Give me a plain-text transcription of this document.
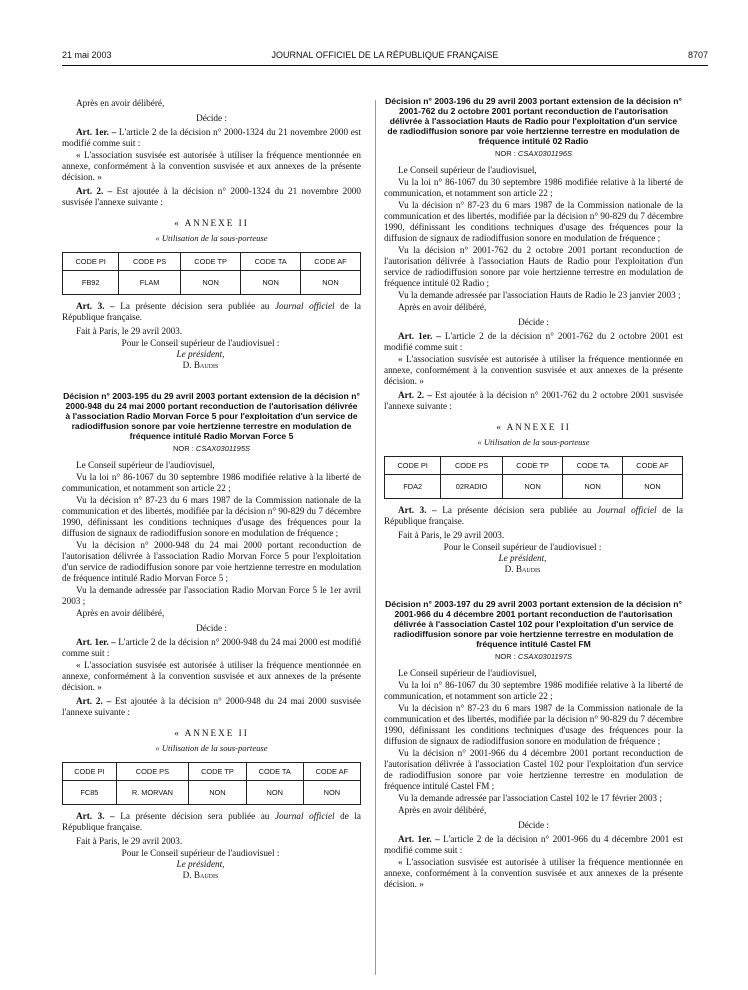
21 mai 2003	JOURNAL OFFICIEL DE LA RÉPUBLIQUE FRANÇAISE	8707

Après en avoir délibéré,

Décide :

Art. 1er. – L'article 2 de la décision n° 2000-1324 du 21 novembre 2000 est modifié comme suit :

« L'association susvisée est autorisée à utiliser la fréquence mentionnée en annexe, conformément à la convention susvisée et aux annexes de la présente décision. »

Art. 2. – Est ajoutée à la décision n° 2000-1324 du 21 novembre 2000 susvisée l'annexe suivante :

« ANNEXE II

« Utilisation de la sous-porteuse

CODE PI	CODE PS	CODE TP	CODE TA	CODE AF
FB92	FLAM	NON	NON	NON

Art. 3. – La présente décision sera publiée au Journal officiel de la République française.

Fait à Paris, le 29 avril 2003.

Pour le Conseil supérieur de l'audiovisuel :
Le président,
D. Baudis

Décision n° 2003-195 du 29 avril 2003 portant extension de la décision n° 2000-948 du 24 mai 2000 portant reconduction de l'autorisation délivrée à l'association Radio Morvan Force 5 pour l'exploitation d'un service de radiodiffusion sonore par voie hertzienne terrestre en modulation de fréquence intitulé Radio Morvan Force 5

NOR : CSAX0301195S

Le Conseil supérieur de l'audiovisuel,

Vu la loi n° 86-1067 du 30 septembre 1986 modifiée relative à la liberté de communication, et notamment son article 22 ;

Vu la décision n° 87-23 du 6 mars 1987 de la Commission nationale de la communication et des libertés, modifiée par la décision n° 90-829 du 7 décembre 1990, définissant les conditions techniques d'usage des fréquences pour la diffusion de signaux de radiodiffusion sonore en modulation de fréquence ;

Vu la décision n° 2000-948 du 24 mai 2000 portant reconduction de l'autorisation délivrée à l'association Radio Morvan Force 5 pour l'exploitation d'un service de radiodiffusion sonore par voie hertzienne terrestre en modulation de fréquence intitulé Radio Morvan Force 5 ;

Vu la demande adressée par l'association Radio Morvan Force 5 le 1er avril 2003 ;

Après en avoir délibéré,

Décide :

Art. 1er. – L'article 2 de la décision n° 2000-948 du 24 mai 2000 est modifié comme suit :

« L'association susvisée est autorisée à utiliser la fréquence mentionnée en annexe, conformément à la convention susvisée et aux annexes de la présente décision. »

Art. 2. – Est ajoutée à la décision n° 2000-948 du 24 mai 2000 susvisée l'annexe suivante :

« ANNEXE II

« Utilisation de la sous-porteuse

CODE PI	CODE PS	CODE TP	CODE TA	CODE AF
FC85	R. MORVAN	NON	NON	NON

Art. 3. – La présente décision sera publiée au Journal officiel de la République française.

Fait à Paris, le 29 avril 2003.

Pour le Conseil supérieur de l'audiovisuel :
Le président,
D. Baudis

Décision n° 2003-196 du 29 avril 2003 portant extension de la décision n° 2001-762 du 2 octobre 2001 portant reconduction de l'autorisation délivrée à l'association Hauts de Radio pour l'exploitation d'un service de radiodiffusion sonore par voie hertzienne terrestre en modulation de fréquence intitulé 02 Radio

NOR : CSAX0301196S

Le Conseil supérieur de l'audiovisuel,

Vu la loi n° 86-1067 du 30 septembre 1986 modifiée relative à la liberté de communication, et notamment son article 22 ;

Vu la décision n° 87-23 du 6 mars 1987 de la Commission nationale de la communication et des libertés, modifiée par la décision n° 90-829 du 7 décembre 1990, définissant les conditions techniques d'usage des fréquences pour la diffusion de signaux de radiodiffusion sonore en modulation de fréquence ;

Vu la décision n° 2001-762 du 2 octobre 2001 portant reconduction de l'autorisation délivrée à l'association Hauts de Radio pour l'exploitation d'un service de radiodiffusion sonore par voie hertzienne terrestre en modulation de fréquence intitulé 02 Radio ;

Vu la demande adressée par l'association Hauts de Radio le 23 janvier 2003 ;

Après en avoir délibéré,

Décide :

Art. 1er. – L'article 2 de la décision n° 2001-762 du 2 octobre 2001 est modifié comme suit :

« L'association susvisée est autorisée à utiliser la fréquence mentionnée en annexe, conformément à la convention susvisée et aux annexes de la présente décision. »

Art. 2. – Est ajoutée à la décision n° 2001-762 du 2 octobre 2001 susvisée l'annexe suivante :

« ANNEXE II

« Utilisation de la sous-porteuse

CODE PI	CODE PS	CODE TP	CODE TA	CODE AF
FDA2	02RADIO	NON	NON	NON

Art. 3. – La présente décision sera publiée au Journal officiel de la République française.

Fait à Paris, le 29 avril 2003.

Pour le Conseil supérieur de l'audiovisuel :
Le président,
D. Baudis

Décision n° 2003-197 du 29 avril 2003 portant extension de la décision n° 2001-966 du 4 décembre 2001 portant reconduction de l'autorisation délivrée à l'association Castel 102 pour l'exploitation d'un service de radiodiffusion sonore par voie hertzienne terrestre en modulation de fréquence intitulé Castel FM

NOR : CSAX0301197S

Le Conseil supérieur de l'audiovisuel,

Vu la loi n° 86-1067 du 30 septembre 1986 modifiée relative à la liberté de communication, et notamment son article 22 ;

Vu la décision n° 87-23 du 6 mars 1987 de la Commission nationale de la communication et des libertés, modifiée par la décision n° 90-829 du 7 décembre 1990, définissant les conditions techniques d'usage des fréquences pour la diffusion de signaux de radiodiffusion sonore en modulation de fréquence ;

Vu la décision n° 2001-966 du 4 décembre 2001 portant reconduction de l'autorisation délivrée à l'association Castel 102 pour l'exploitation d'un service de radiodiffusion sonore par voie hertzienne terrestre en modulation de fréquence intitulé Castel FM ;

Vu la demande adressée par l'association Castel 102 le 17 février 2003 ;

Après en avoir délibéré,

Décide :

Art. 1er. – L'article 2 de la décision n° 2001-966 du 4 décembre 2001 est modifié comme suit :

« L'association susvisée est autorisée à utiliser la fréquence mentionnée en annexe, conformément à la convention susvisée et aux annexes de la présente décision. »
